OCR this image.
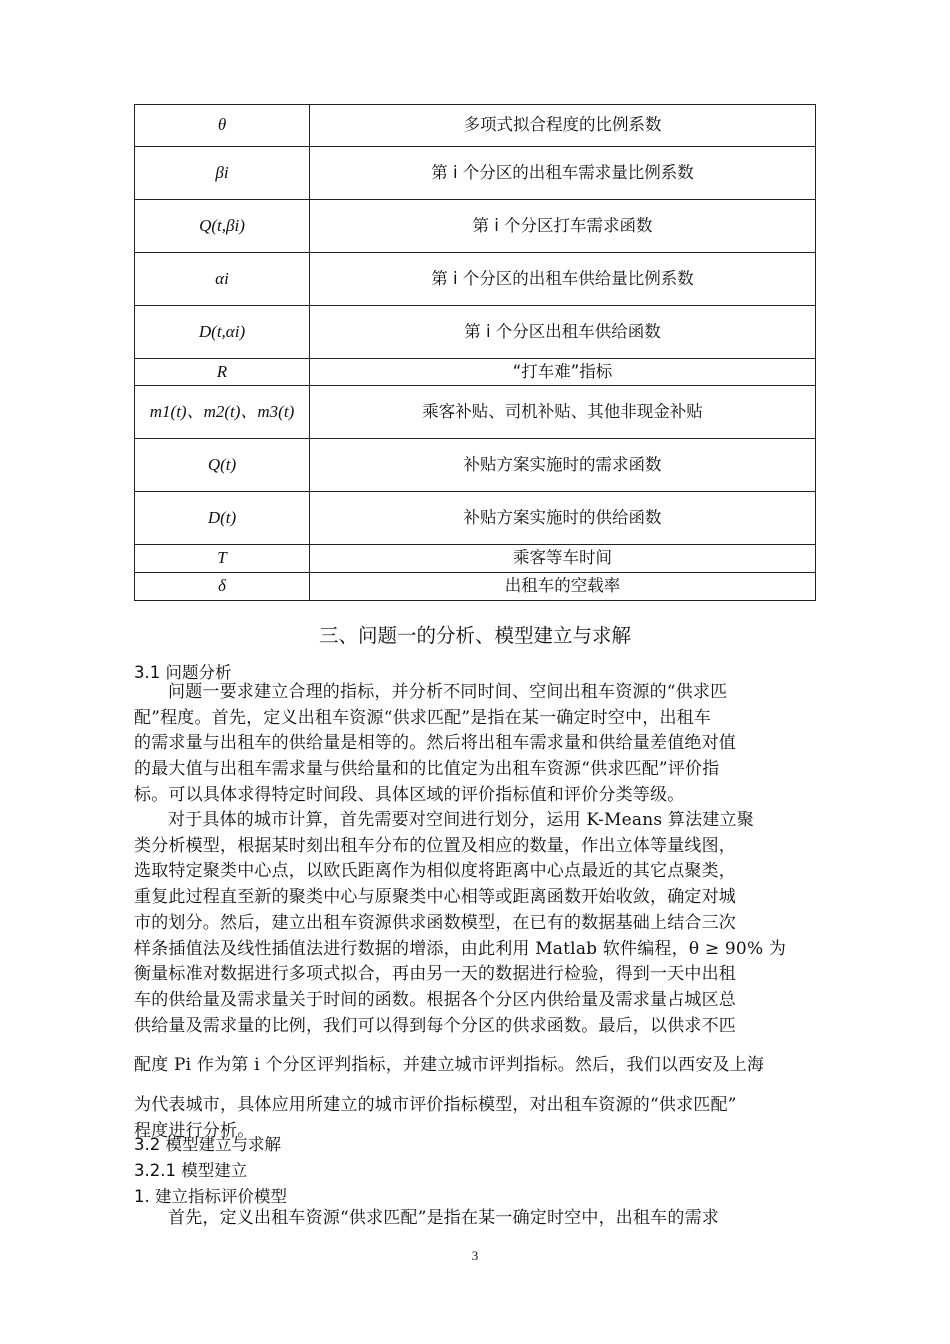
θ	多项式拟合程度的比例系数
βi	第 i 个分区的出租车需求量比例系数
Q(t,βi)	第 i 个分区打车需求函数
αi	第 i 个分区的出租车供给量比例系数
D(t,αi)	第 i 个分区出租车供给函数
R	“打车难”指标
m1(t)、m2(t)、m3(t)	乘客补贴、司机补贴、其他非现金补贴
Q(t)	补贴方案实施时的需求函数
D(t)	补贴方案实施时的供给函数
T	乘客等车时间
δ	出租车的空载率
三、问题一的分析、模型建立与求解
3.1 问题分析
问题一要求建立合理的指标，并分析不同时间、空间出租车资源的“供求匹
配”程度。首先，定义出租车资源“供求匹配”是指在某一确定时空中，出租车
的需求量与出租车的供给量是相等的。然后将出租车需求量和供给量差值绝对值
的最大值与出租车需求量与供给量和的比值定为出租车资源“供求匹配”评价指
标。可以具体求得特定时间段、具体区域的评价指标值和评价分类等级。
对于具体的城市计算，首先需要对空间进行划分，运用 K-Means 算法建立聚
类分析模型，根据某时刻出租车分布的位置及相应的数量，作出立体等量线图，
选取特定聚类中心点，以欧氏距离作为相似度将距离中心点最近的其它点聚类，
重复此过程直至新的聚类中心与原聚类中心相等或距离函数开始收敛，确定对城
市的划分。然后，建立出租车资源供求函数模型，在已有的数据基础上结合三次
样条插值法及线性插值法进行数据的增添，由此利用 Matlab 软件编程，θ ≥ 90% 为
衡量标准对数据进行多项式拟合，再由另一天的数据进行检验，得到一天中出租
车的供给量及需求量关于时间的函数。根据各个分区内供给量及需求量占城区总
供给量及需求量的比例，我们可以得到每个分区的供求函数。最后，以供求不匹
配度 Pi 作为第 i 个分区评判指标，并建立城市评判指标。然后，我们以西安及上海
为代表城市，具体应用所建立的城市评价指标模型，对出租车资源的“供求匹配”
程度进行分析。
3.2 模型建立与求解
3.2.1 模型建立
1. 建立指标评价模型
首先，定义出租车资源“供求匹配”是指在某一确定时空中，出租车的需求
3
